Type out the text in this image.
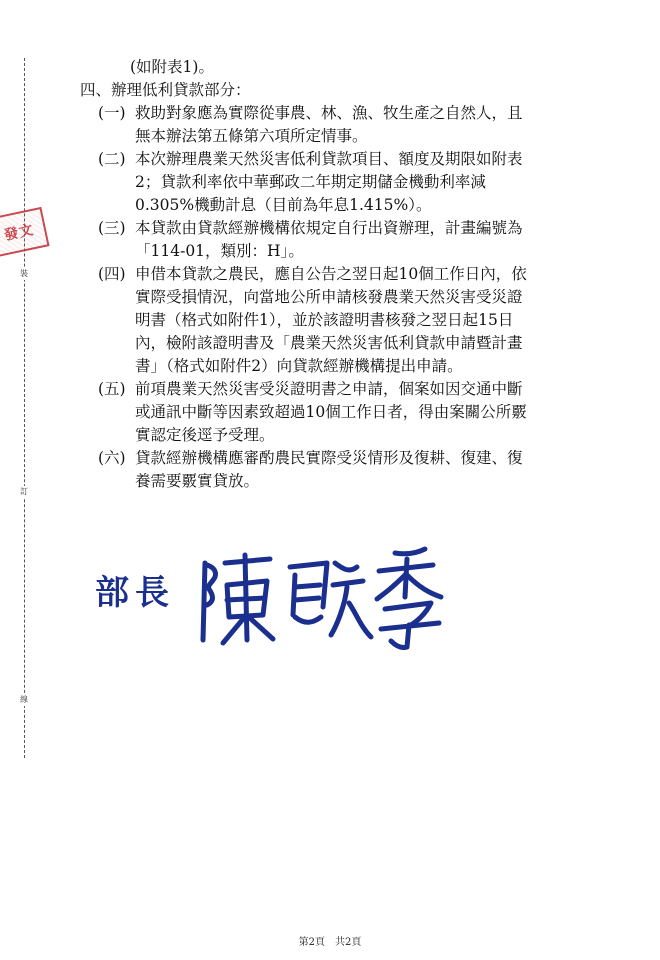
裝
訂
線
發文
(如附表1)。
四、辦理低利貸款部分：
(一) 救助對象應為實際從事農、林、漁、牧生產之自然人，且
無本辦法第五條第六項所定情事。
(二) 本次辦理農業天然災害低利貸款項目、額度及期限如附表
2；貸款利率依中華郵政二年期定期儲金機動利率減
0.305%機動計息（目前為年息1.415%）。
(三) 本貸款由貸款經辦機構依規定自行出資辦理，計畫編號為
「114-01，類別：H」。
(四) 申借本貸款之農民，應自公告之翌日起10個工作日內，依
實際受損情況，向當地公所申請核發農業天然災害受災證
明書（格式如附件1），並於該證明書核發之翌日起15日
內，檢附該證明書及「農業天然災害低利貸款申請暨計畫
書」（格式如附件2）向貸款經辦機構提出申請。
(五) 前項農業天然災害受災證明書之申請，個案如因交通中斷
或通訊中斷等因素致超過10個工作日者，得由案關公所覈
實認定後逕予受理。
(六) 貸款經辦機構應審酌農民實際受災情形及復耕、復建、復
養需要覈實貸放。
部長
第2頁　共2頁
